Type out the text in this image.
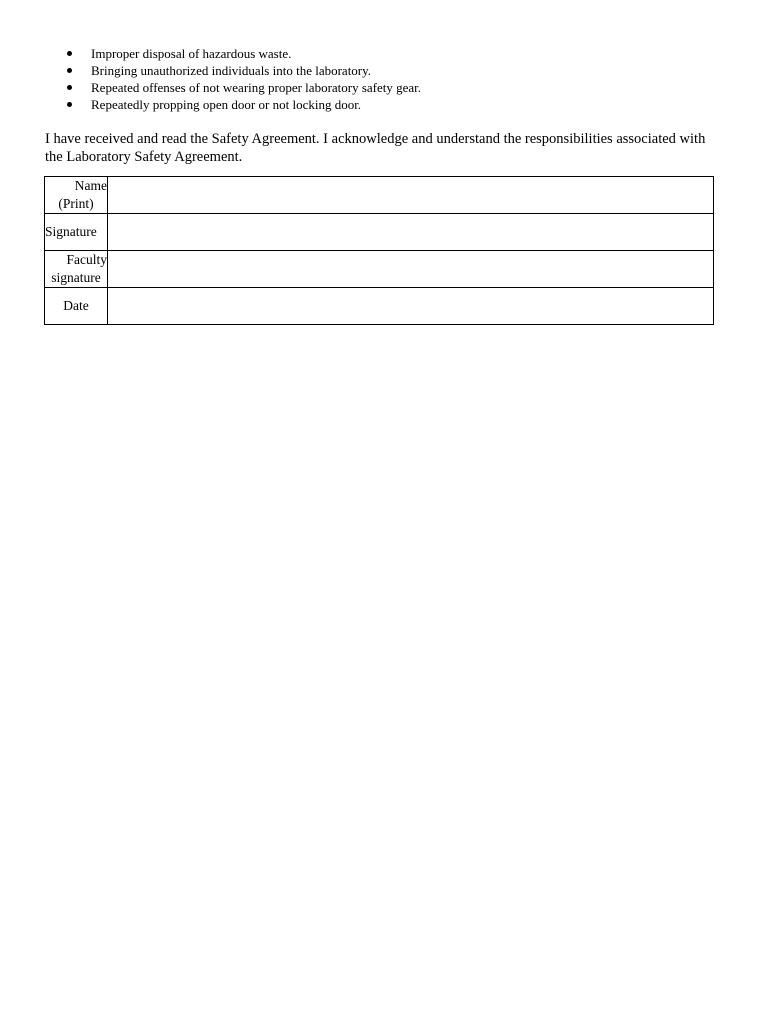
Improper disposal of hazardous waste.
Bringing unauthorized individuals into the laboratory.
Repeated offenses of not wearing proper laboratory safety gear.
Repeatedly propping open door or not locking door.

I have received and read the Safety Agreement. I acknowledge and understand the responsibilities associated with the Laboratory Safety Agreement.

Name
(Print)	

Signature	

Faculty
signature	

Date	
